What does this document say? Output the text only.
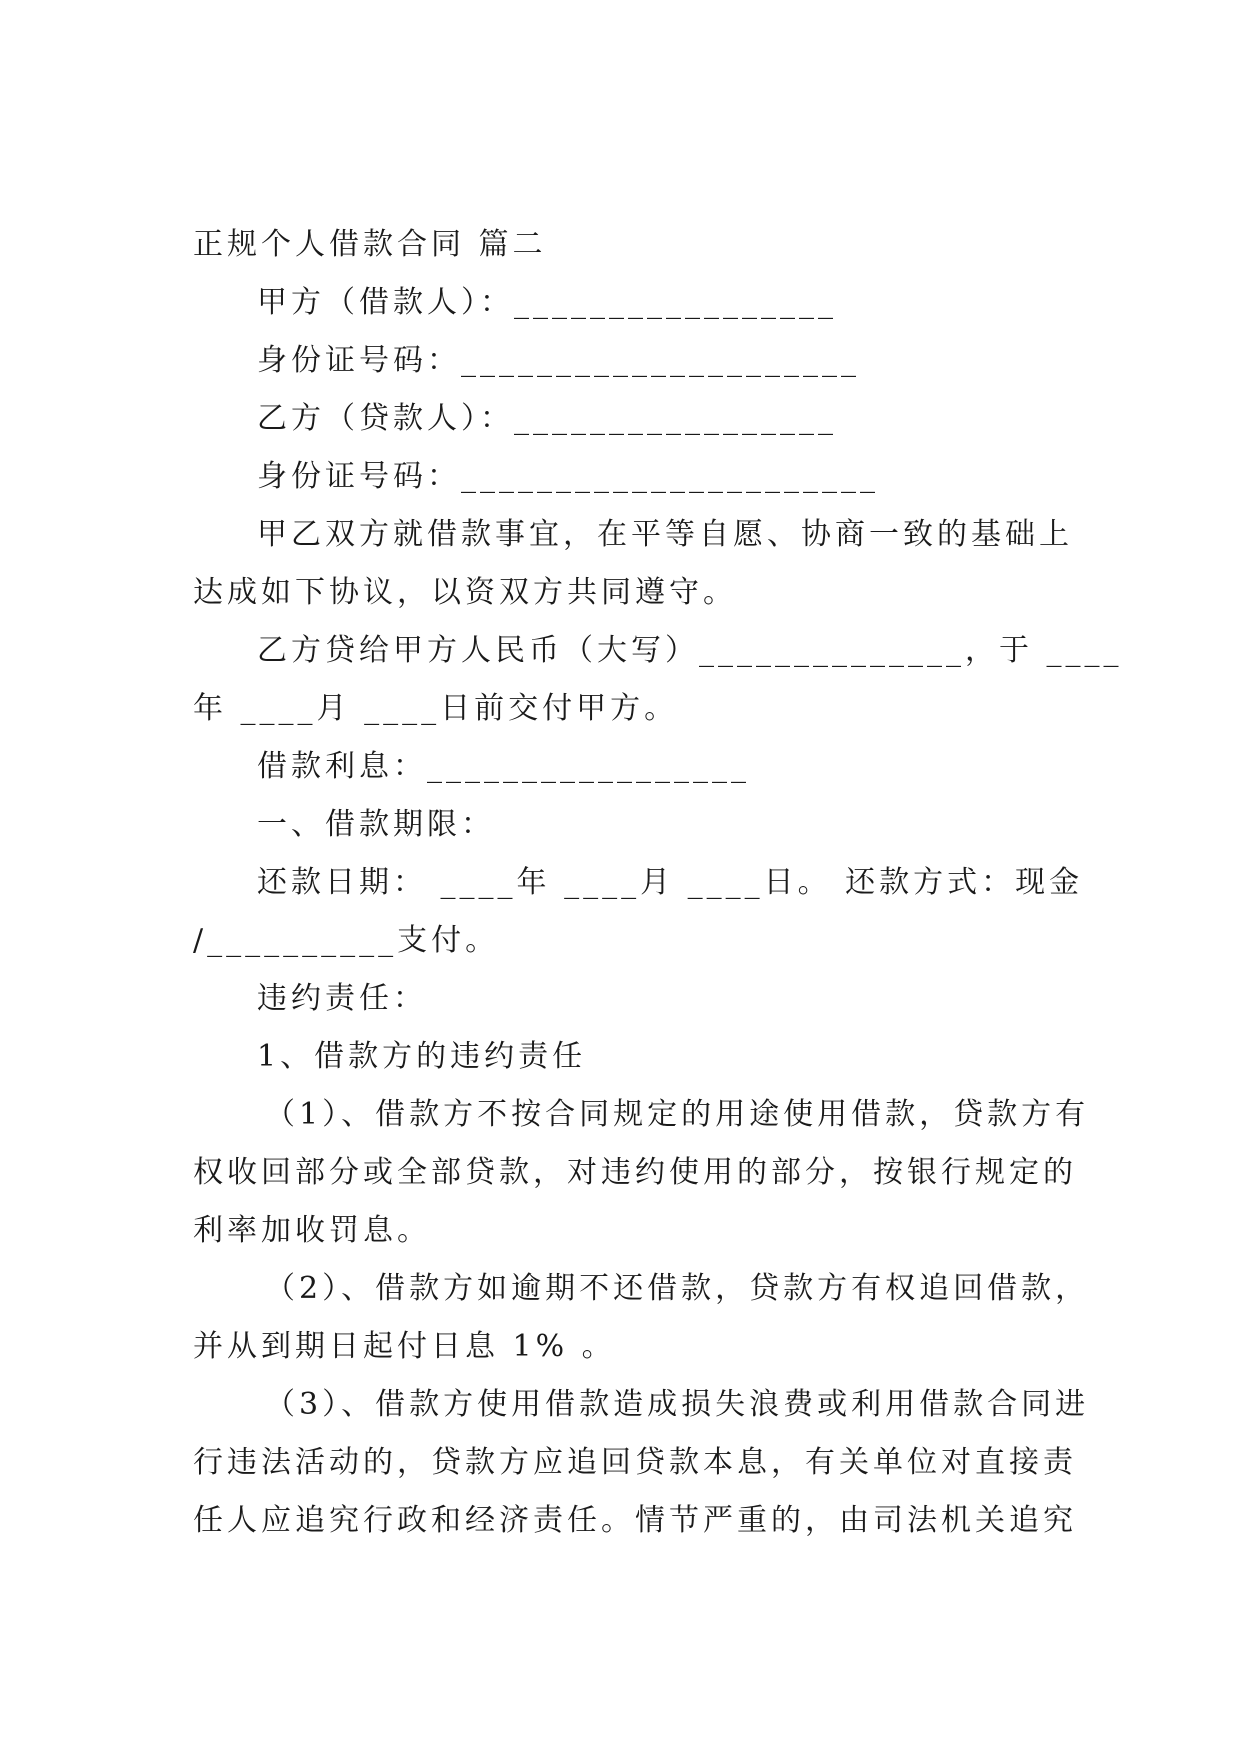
正规个人借款合同 篇二
甲方（借款人）：_________________
身份证号码：_____________________
乙方（贷款人）：_________________
身份证号码：______________________
甲乙双方就借款事宜，在平等自愿、协商一致的基础上
达成如下协议，以资双方共同遵守。
乙方贷给甲方人民币（大写）______________，于 ____
年 ____月 ____日前交付甲方。
借款利息：_________________
一、借款期限：
还款日期： ____年 ____月 ____日。 还款方式：现金
/__________支付。
违约责任：
1、借款方的违约责任
（1）、借款方不按合同规定的用途使用借款，贷款方有
权收回部分或全部贷款，对违约使用的部分，按银行规定的
利率加收罚息。
（2）、借款方如逾期不还借款，贷款方有权追回借款，
并从到期日起付日息 1% 。
（3）、借款方使用借款造成损失浪费或利用借款合同进
行违法活动的，贷款方应追回贷款本息，有关单位对直接责
任人应追究行政和经济责任。情节严重的，由司法机关追究
